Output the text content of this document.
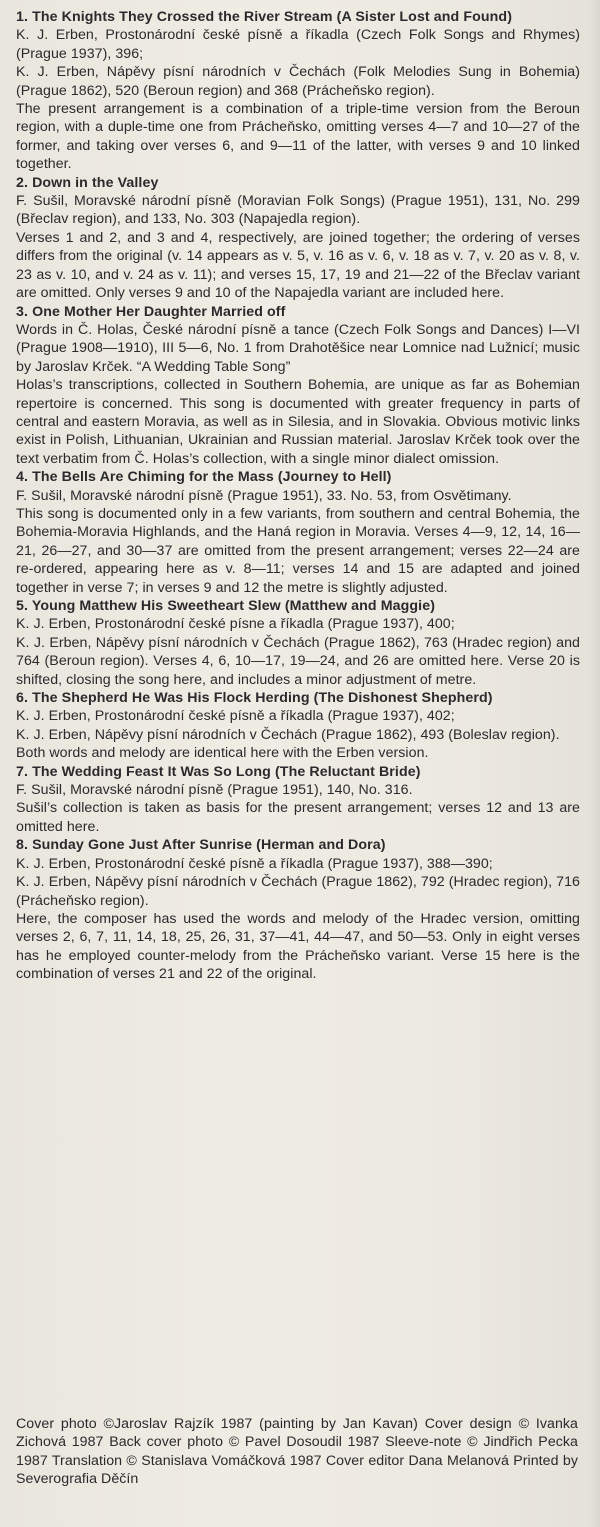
1. The Knights They Crossed the River Stream (A Sister Lost and Found)

K. J. Erben, Prostonárodní české písně a říkadla (Czech Folk Songs and Rhymes) (Prague 1937), 396;

K. J. Erben, Nápěvy písní národních v Čechách (Folk Melodies Sung in Bohemia) (Prague 1862), 520 (Beroun region) and 368 (Prácheňsko region).

The present arrangement is a combination of a triple-time version from the Beroun region, with a duple-time one from Prácheňsko, omitting verses 4—7 and 10—27 of the former, and taking over verses 6, and 9—11 of the latter, with verses 9 and 10 linked together.

2. Down in the Valley

F. Sušil, Moravské národní písně (Moravian Folk Songs) (Prague 1951), 131, No. 299 (Břeclav region), and 133, No. 303 (Napajedla region).

Verses 1 and 2, and 3 and 4, respectively, are joined together; the ordering of verses differs from the original (v. 14 appears as v. 5, v. 16 as v. 6, v. 18 as v. 7, v. 20 as v. 8, v. 23 as v. 10, and v. 24 as v. 11); and verses 15, 17, 19 and 21—22 of the Břeclav variant are omitted. Only verses 9 and 10 of the Napajedla variant are included here.

3. One Mother Her Daughter Married off

Words in Č. Holas, České národní písně a tance (Czech Folk Songs and Dances) I—VI (Prague 1908—1910), III 5—6, No. 1 from Drahotěšice near Lomnice nad Lužnicí; music by Jaroslav Krček. “A Wedding Table Song”

Holas’s transcriptions, collected in Southern Bohemia, are unique as far as Bohemian repertoire is concerned. This song is documented with greater frequency in parts of central and eastern Moravia, as well as in Silesia, and in Slovakia. Obvious motivic links exist in Polish, Lithuanian, Ukrainian and Russian material. Jaroslav Krček took over the text verbatim from Č. Holas’s collection, with a single minor dialect omission.

4. The Bells Are Chiming for the Mass (Journey to Hell)

F. Sušil, Moravské národní písně (Prague 1951), 33. No. 53, from Osvětimany.

This song is documented only in a few variants, from southern and central Bohemia, the Bohemia-Moravia Highlands, and the Haná region in Moravia. Verses 4—9, 12, 14, 16—21, 26—27, and 30—37 are omitted from the present arrangement; verses 22—24 are re-ordered, appearing here as v. 8—11; verses 14 and 15 are adapted and joined together in verse 7; in verses 9 and 12 the metre is slightly adjusted.

5. Young Matthew His Sweetheart Slew (Matthew and Maggie)

K. J. Erben, Prostonárodní české písne a říkadla (Prague 1937), 400;

K. J. Erben, Nápěvy písní národních v Čechách (Prague 1862), 763 (Hradec region) and 764 (Beroun region). Verses 4, 6, 10—17, 19—24, and 26 are omitted here. Verse 20 is shifted, closing the song here, and includes a minor adjustment of metre.

6. The Shepherd He Was His Flock Herding (The Dishonest Shepherd)

K. J. Erben, Prostonárodní české písně a říkadla (Prague 1937), 402;

K. J. Erben, Nápěvy písní národních v Čechách (Prague 1862), 493 (Boleslav region).

Both words and melody are identical here with the Erben version.

7. The Wedding Feast It Was So Long (The Reluctant Bride)

F. Sušil, Moravské národní písně (Prague 1951), 140, No. 316.

Sušil’s collection is taken as basis for the present arrangement; verses 12 and 13 are omitted here.

8. Sunday Gone Just After Sunrise (Herman and Dora)

K. J. Erben, Prostonárodní české písně a říkadla (Prague 1937), 388—390;

K. J. Erben, Nápěvy písní národních v Čechách (Prague 1862), 792 (Hradec region), 716 (Prácheňsko region).

Here, the composer has used the words and melody of the Hradec version, omitting verses 2, 6, 7, 11, 14, 18, 25, 26, 31, 37—41, 44—47, and 50—53. Only in eight verses has he employed counter-melody from the Prácheňsko variant. Verse 15 here is the combination of verses 21 and 22 of the original.

Cover photo ©Jaroslav Rajzík 1987 (painting by Jan Kavan) Cover design © Ivanka Zichová 1987 Back cover photo © Pavel Dosoudil 1987 Sleeve-note © Jindřich Pecka 1987 Translation © Stanislava Vomáčková 1987 Cover editor Dana Melanová Printed by Severografia Děčín
